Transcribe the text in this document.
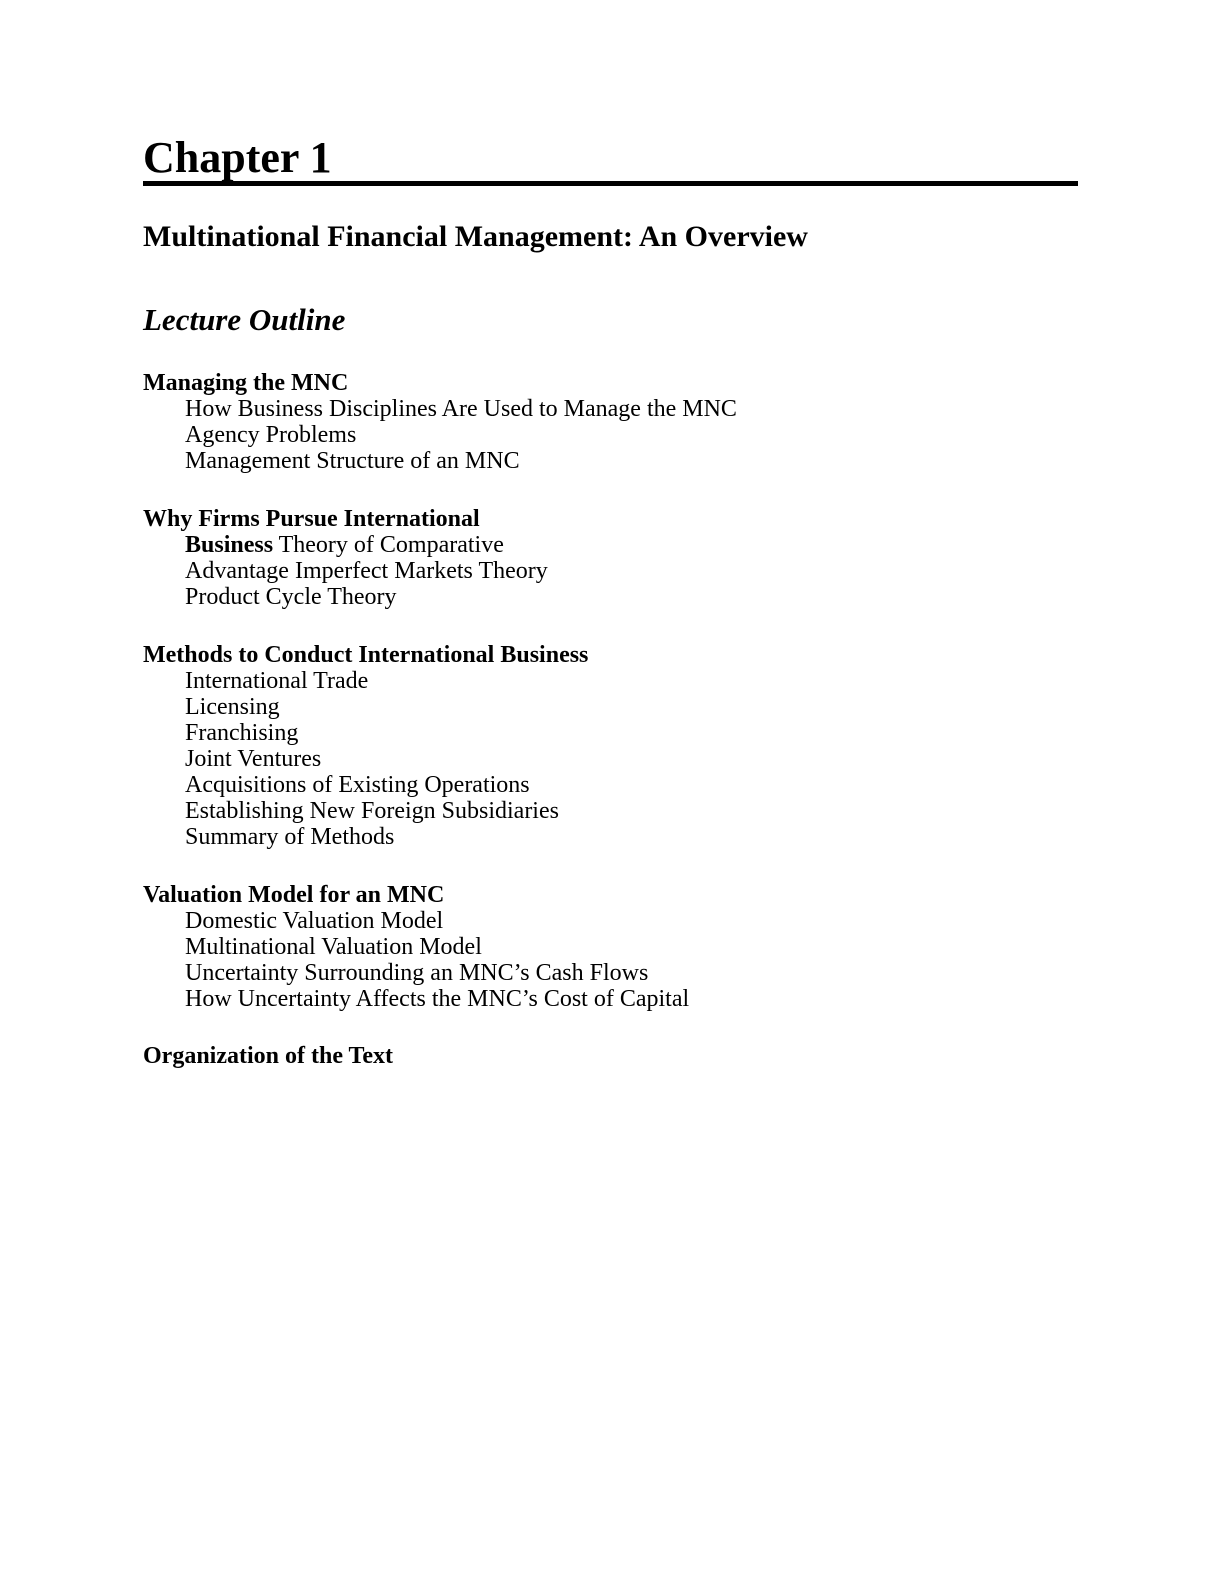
Chapter 1
Multinational Financial Management: An Overview
Lecture Outline
Managing the MNC
How Business Disciplines Are Used to Manage the MNC
Agency Problems
Management Structure of an MNC
Why Firms Pursue International
Business Theory of Comparative
Advantage Imperfect Markets Theory
Product Cycle Theory
Methods to Conduct International Business
International Trade
Licensing
Franchising
Joint Ventures
Acquisitions of Existing Operations
Establishing New Foreign Subsidiaries
Summary of Methods
Valuation Model for an MNC
Domestic Valuation Model
Multinational Valuation Model
Uncertainty Surrounding an MNC’s Cash Flows
How Uncertainty Affects the MNC’s Cost of Capital
Organization of the Text
